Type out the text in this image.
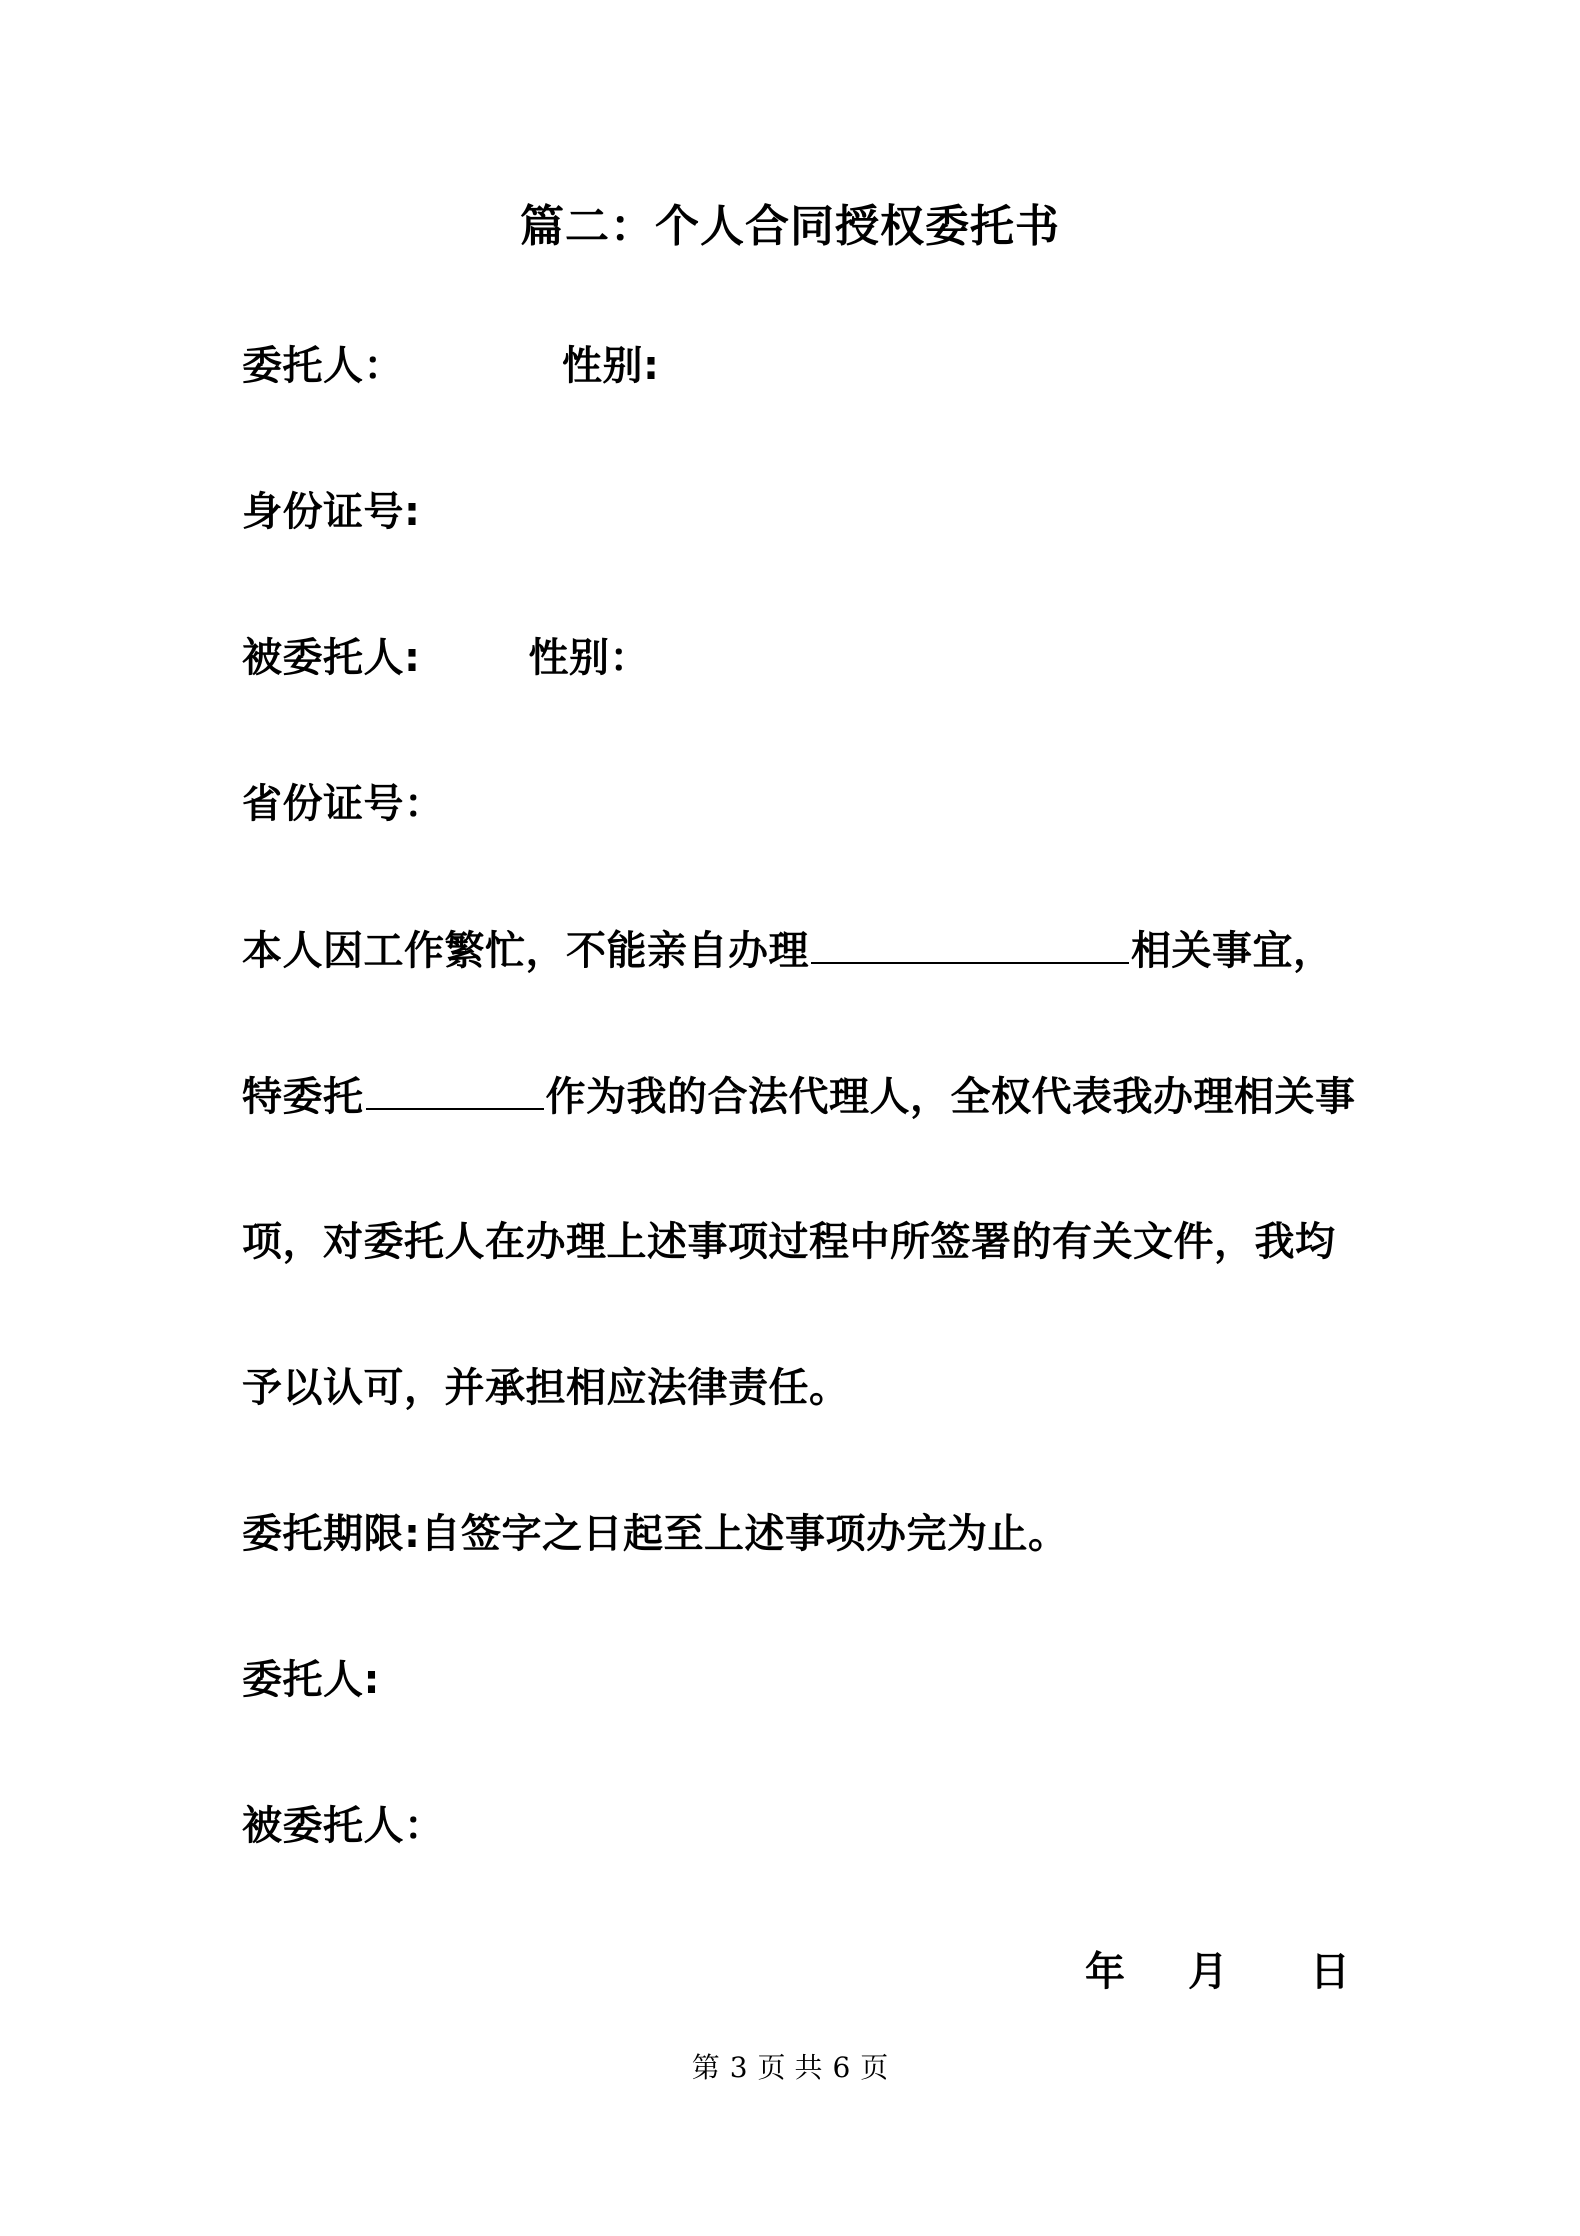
篇二：个人合同授权委托书
委托人：	性别:
身份证号:
被委托人:	性别：
省份证号：
本人因工作繁忙，不能亲自办理	相关事宜，
特委托	作为我的合法代理人，全权代表我办理相关事
项，对委托人在办理上述事项过程中所签署的有关文件，我均
予以认可，并承担相应法律责任。
委托期限:自签字之日起至上述事项办完为止。
委托人:
被委托人：
年 月 日
第 3 页 共 6 页
